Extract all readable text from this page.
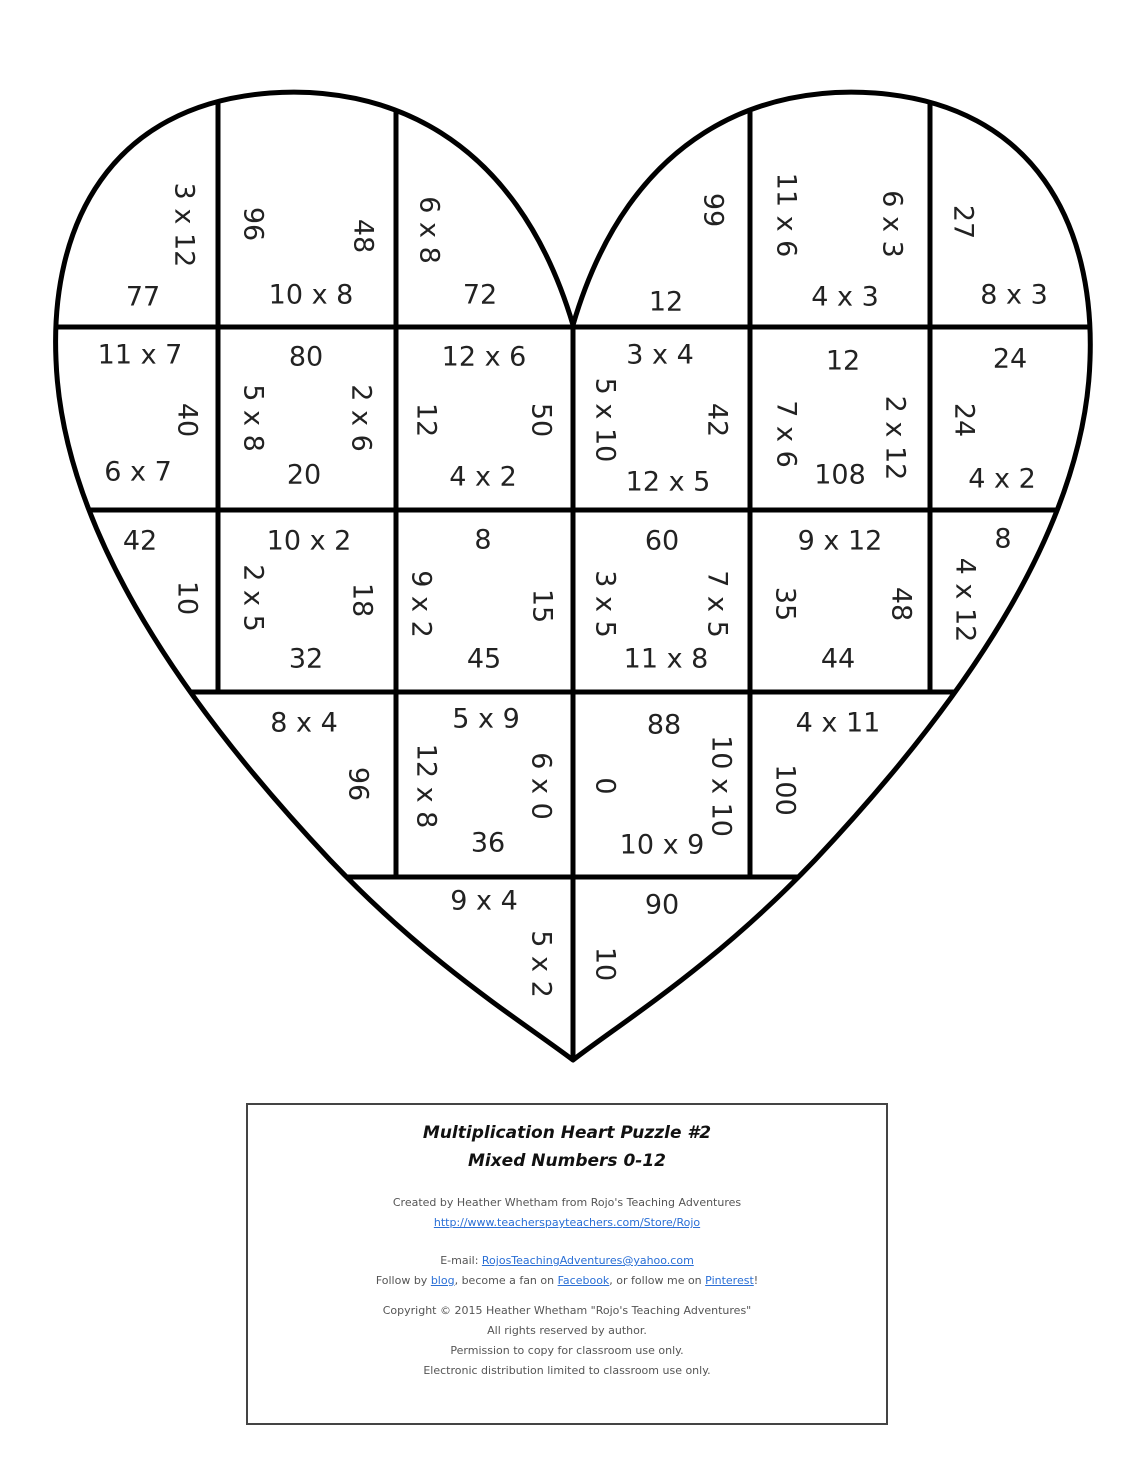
3 x 12
77
96	48
10 x 8
6 x 8
72
99
12
11 x 6	6 x 3
4 x 3
27
8 x 3
11 x 7
40
6 x 7
80
5 x 8	2 x 6
20
12 x 6
12	50
4 x 2
3 x 4
5 x 10	42
12 x 5
12
7 x 6	2 x 12
108
24
24
4 x 2
42
10
10 x 2
2 x 5	18
32
8
9 x 2	15
45
60
3 x 5	7 x 5
11 x 8
9 x 12
35	48
44
8
4 x 12
8 x 4
96
5 x 9
12 x 8	6 x 0
36
88
0	10 x 10
10 x 9
4 x 11
100
9 x 4
5 x 2
90
10
Multiplication Heart Puzzle #2
Mixed Numbers 0-12
Created by Heather Whetham from Rojo's Teaching Adventures
http://www.teacherspayteachers.com/Store/Rojo
E-mail: RojosTeachingAdventures@yahoo.com
Follow by blog, become a fan on Facebook, or follow me on Pinterest!
Copyright © 2015 Heather Whetham "Rojo's Teaching Adventures"
All rights reserved by author.
Permission to copy for classroom use only.
Electronic distribution limited to classroom use only.
